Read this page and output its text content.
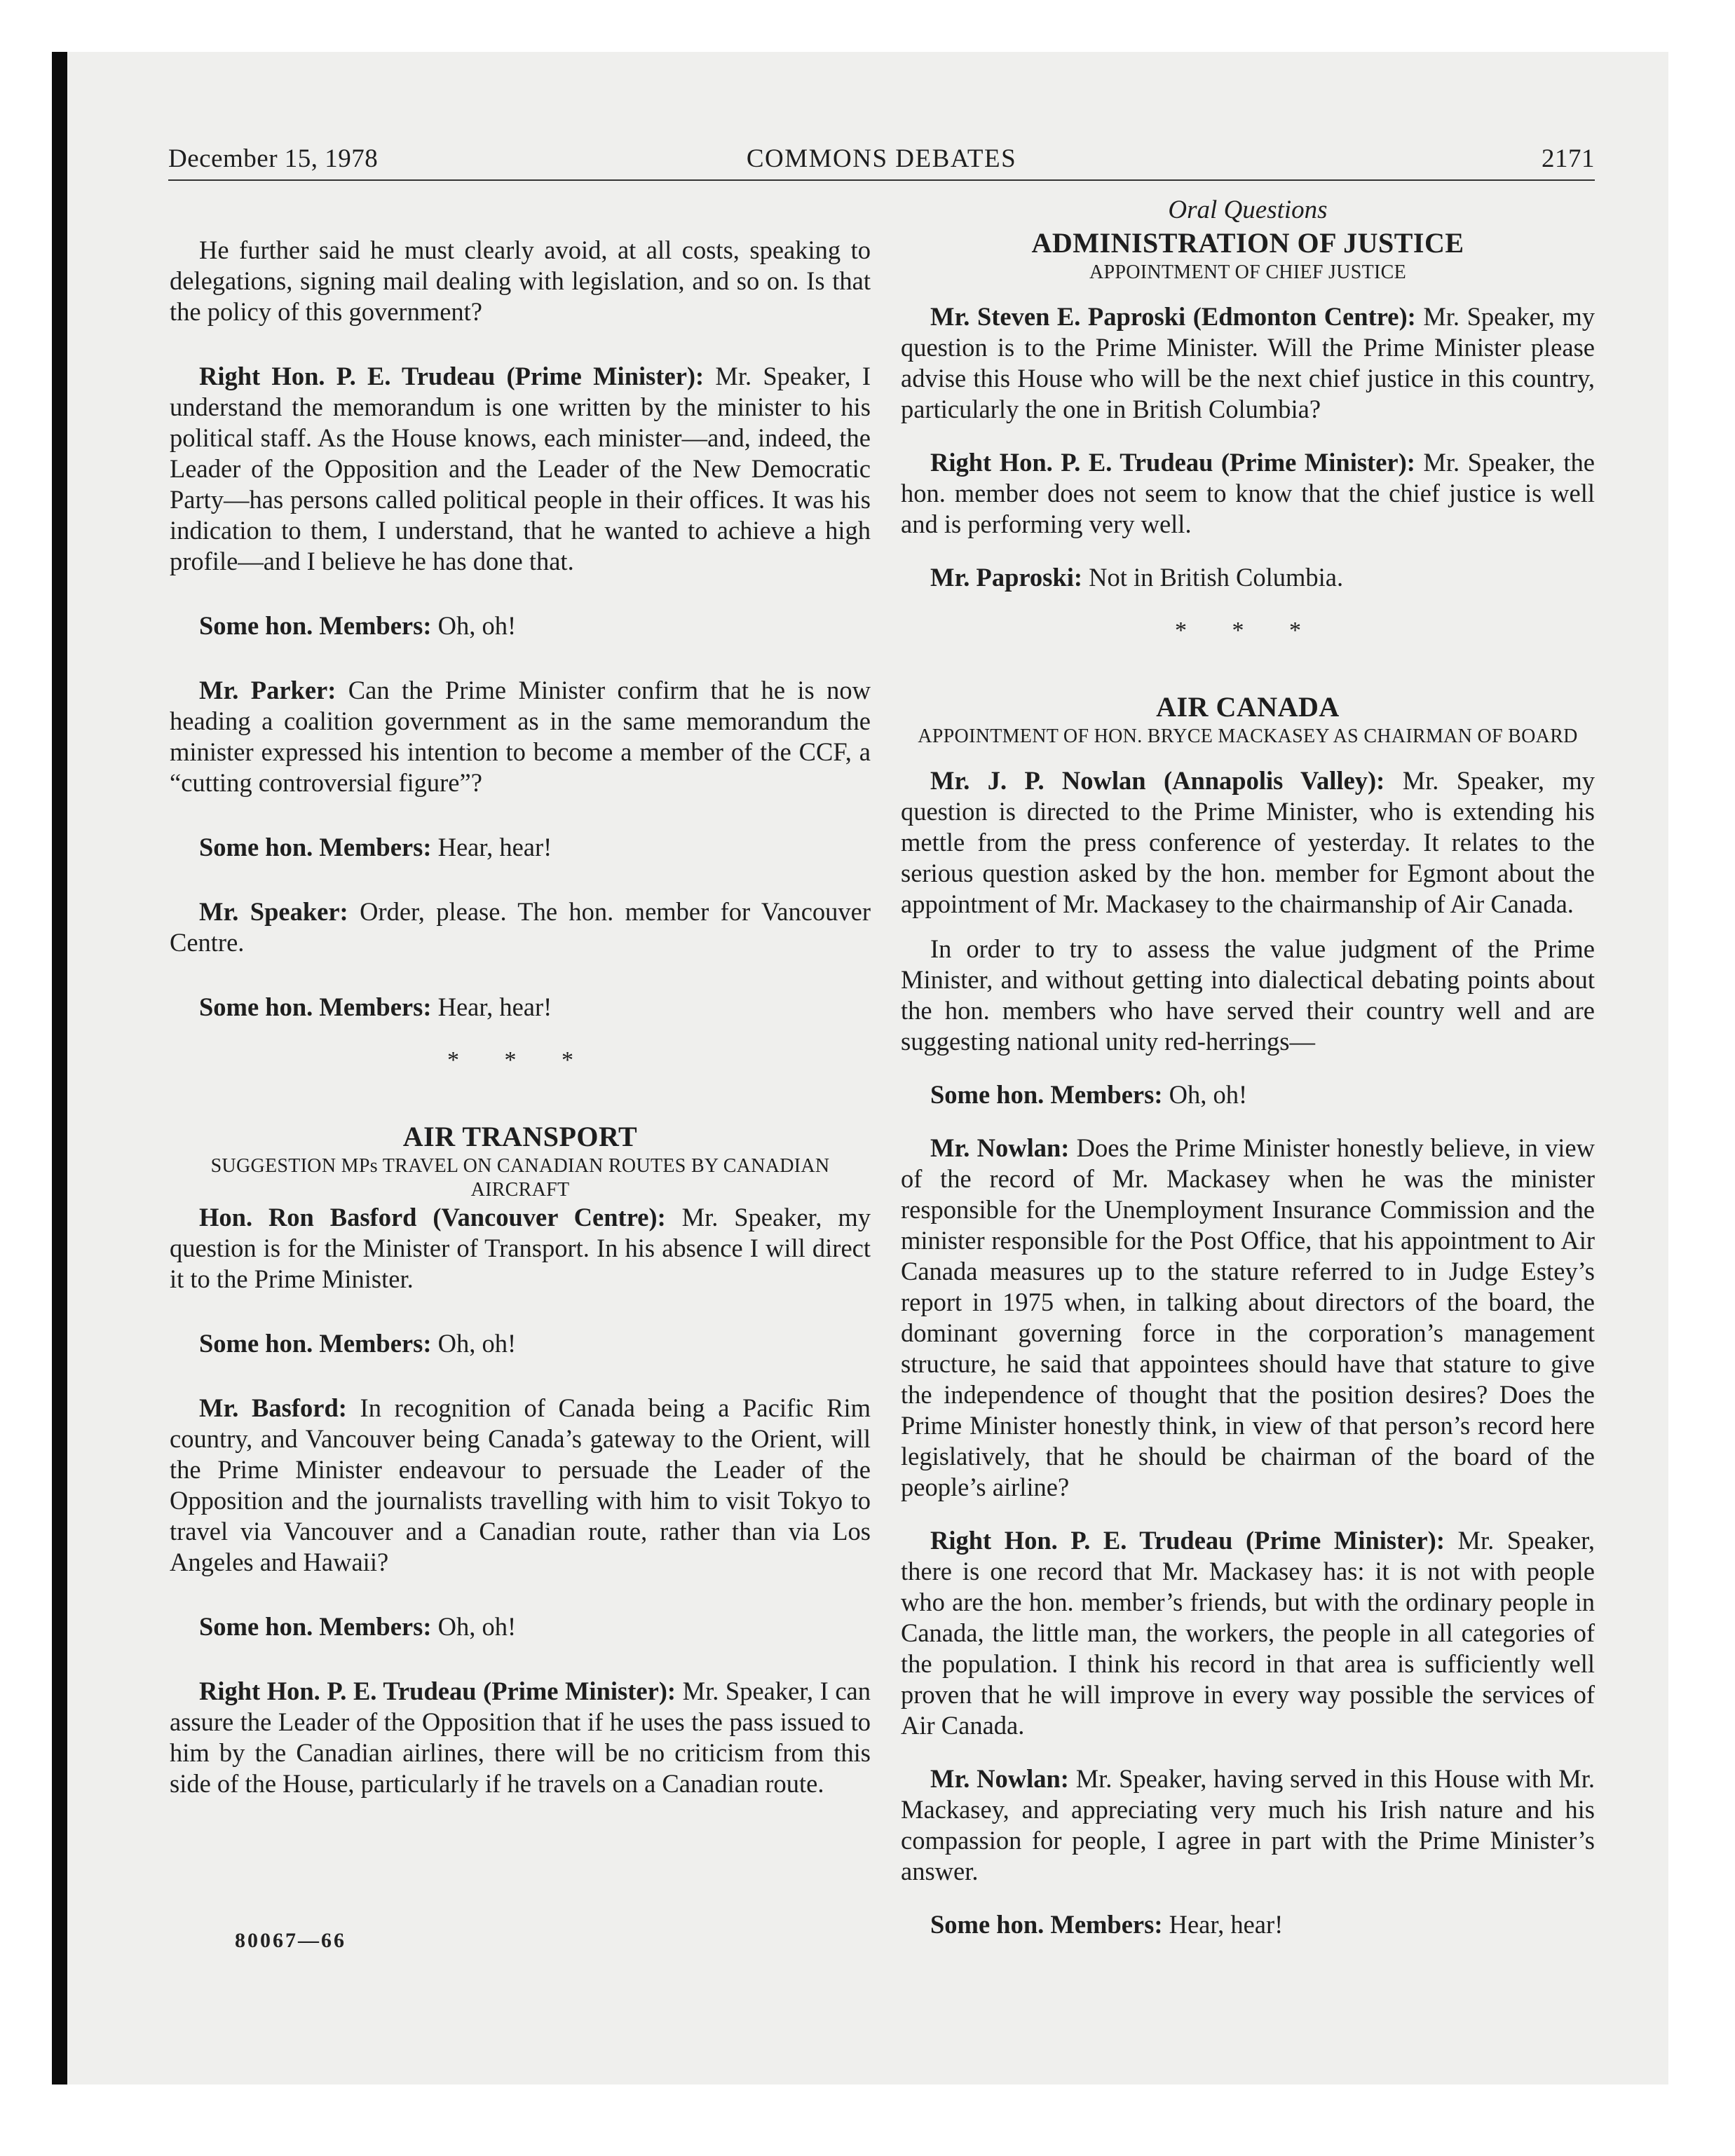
December 15, 1978	COMMONS DEBATES	2171

He further said he must clearly avoid, at all costs, speaking to delegations, signing mail dealing with legislation, and so on. Is that the policy of this government?

Right Hon. P. E. Trudeau (Prime Minister): Mr. Speaker, I understand the memorandum is one written by the minister to his political staff. As the House knows, each minister—and, indeed, the Leader of the Opposition and the Leader of the New Democratic Party—has persons called political people in their offices. It was his indication to them, I understand, that he wanted to achieve a high profile—and I believe he has done that.

Some hon. Members: Oh, oh!

Mr. Parker: Can the Prime Minister confirm that he is now heading a coalition government as in the same memorandum the minister expressed his intention to become a member of the CCF, a “cutting controversial figure”?

Some hon. Members: Hear, hear!

Mr. Speaker: Order, please. The hon. member for Vancouver Centre.

Some hon. Members: Hear, hear!

* * *

AIR TRANSPORT

SUGGESTION MPs TRAVEL ON CANADIAN ROUTES BY CANADIAN AIRCRAFT

Hon. Ron Basford (Vancouver Centre): Mr. Speaker, my question is for the Minister of Transport. In his absence I will direct it to the Prime Minister.

Some hon. Members: Oh, oh!

Mr. Basford: In recognition of Canada being a Pacific Rim country, and Vancouver being Canada’s gateway to the Orient, will the Prime Minister endeavour to persuade the Leader of the Opposition and the journalists travelling with him to visit Tokyo to travel via Vancouver and a Canadian route, rather than via Los Angeles and Hawaii?

Some hon. Members: Oh, oh!

Right Hon. P. E. Trudeau (Prime Minister): Mr. Speaker, I can assure the Leader of the Opposition that if he uses the pass issued to him by the Canadian airlines, there will be no criticism from this side of the House, particularly if he travels on a Canadian route.

Oral Questions

ADMINISTRATION OF JUSTICE

APPOINTMENT OF CHIEF JUSTICE

Mr. Steven E. Paproski (Edmonton Centre): Mr. Speaker, my question is to the Prime Minister. Will the Prime Minister please advise this House who will be the next chief justice in this country, particularly the one in British Columbia?

Right Hon. P. E. Trudeau (Prime Minister): Mr. Speaker, the hon. member does not seem to know that the chief justice is well and is performing very well.

Mr. Paproski: Not in British Columbia.

* * *

AIR CANADA

APPOINTMENT OF HON. BRYCE MACKASEY AS CHAIRMAN OF BOARD

Mr. J. P. Nowlan (Annapolis Valley): Mr. Speaker, my question is directed to the Prime Minister, who is extending his mettle from the press conference of yesterday. It relates to the serious question asked by the hon. member for Egmont about the appointment of Mr. Mackasey to the chairmanship of Air Canada.

In order to try to assess the value judgment of the Prime Minister, and without getting into dialectical debating points about the hon. members who have served their country well and are suggesting national unity red-herrings—

Some hon. Members: Oh, oh!

Mr. Nowlan: Does the Prime Minister honestly believe, in view of the record of Mr. Mackasey when he was the minister responsible for the Unemployment Insurance Commission and the minister responsible for the Post Office, that his appointment to Air Canada measures up to the stature referred to in Judge Estey’s report in 1975 when, in talking about directors of the board, the dominant governing force in the corporation’s management structure, he said that appointees should have that stature to give the independence of thought that the position desires? Does the Prime Minister honestly think, in view of that person’s record here legislatively, that he should be chairman of the board of the people’s airline?

Right Hon. P. E. Trudeau (Prime Minister): Mr. Speaker, there is one record that Mr. Mackasey has: it is not with people who are the hon. member’s friends, but with the ordinary people in Canada, the little man, the workers, the people in all categories of the population. I think his record in that area is sufficiently well proven that he will improve in every way possible the services of Air Canada.

Mr. Nowlan: Mr. Speaker, having served in this House with Mr. Mackasey, and appreciating very much his Irish nature and his compassion for people, I agree in part with the Prime Minister’s answer.

Some hon. Members: Hear, hear!

80067—66
